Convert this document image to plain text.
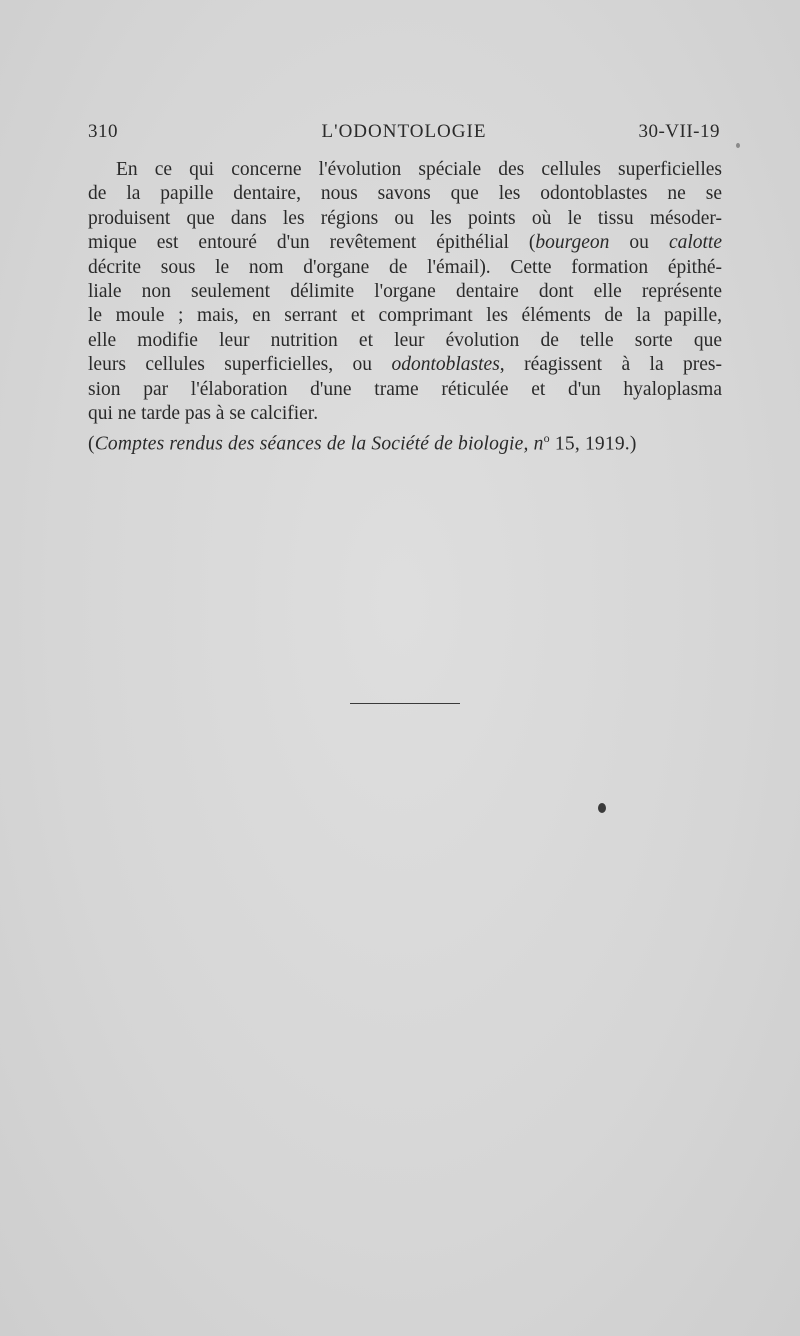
310	L'ODONTOLOGIE	30-VII-19
En ce qui concerne l'évolution spéciale des cellules superficielles
de la papille dentaire, nous savons que les odontoblastes ne se
produisent que dans les régions ou les points où le tissu mésoder-
mique est entouré d'un revêtement épithélial (bourgeon ou calotte
décrite sous le nom d'organe de l'émail). Cette formation épithé-
liale non seulement délimite l'organe dentaire dont elle représente
le moule ; mais, en serrant et comprimant les éléments de la papille,
elle modifie leur nutrition et leur évolution de telle sorte que
leurs cellules superficielles, ou odontoblastes, réagissent à la pres-
sion par l'élaboration d'une trame réticulée et d'un hyaloplasma
qui ne tarde pas à se calcifier.
(Comptes rendus des séances de la Société de biologie, $n^o$ 15, 1919.)
